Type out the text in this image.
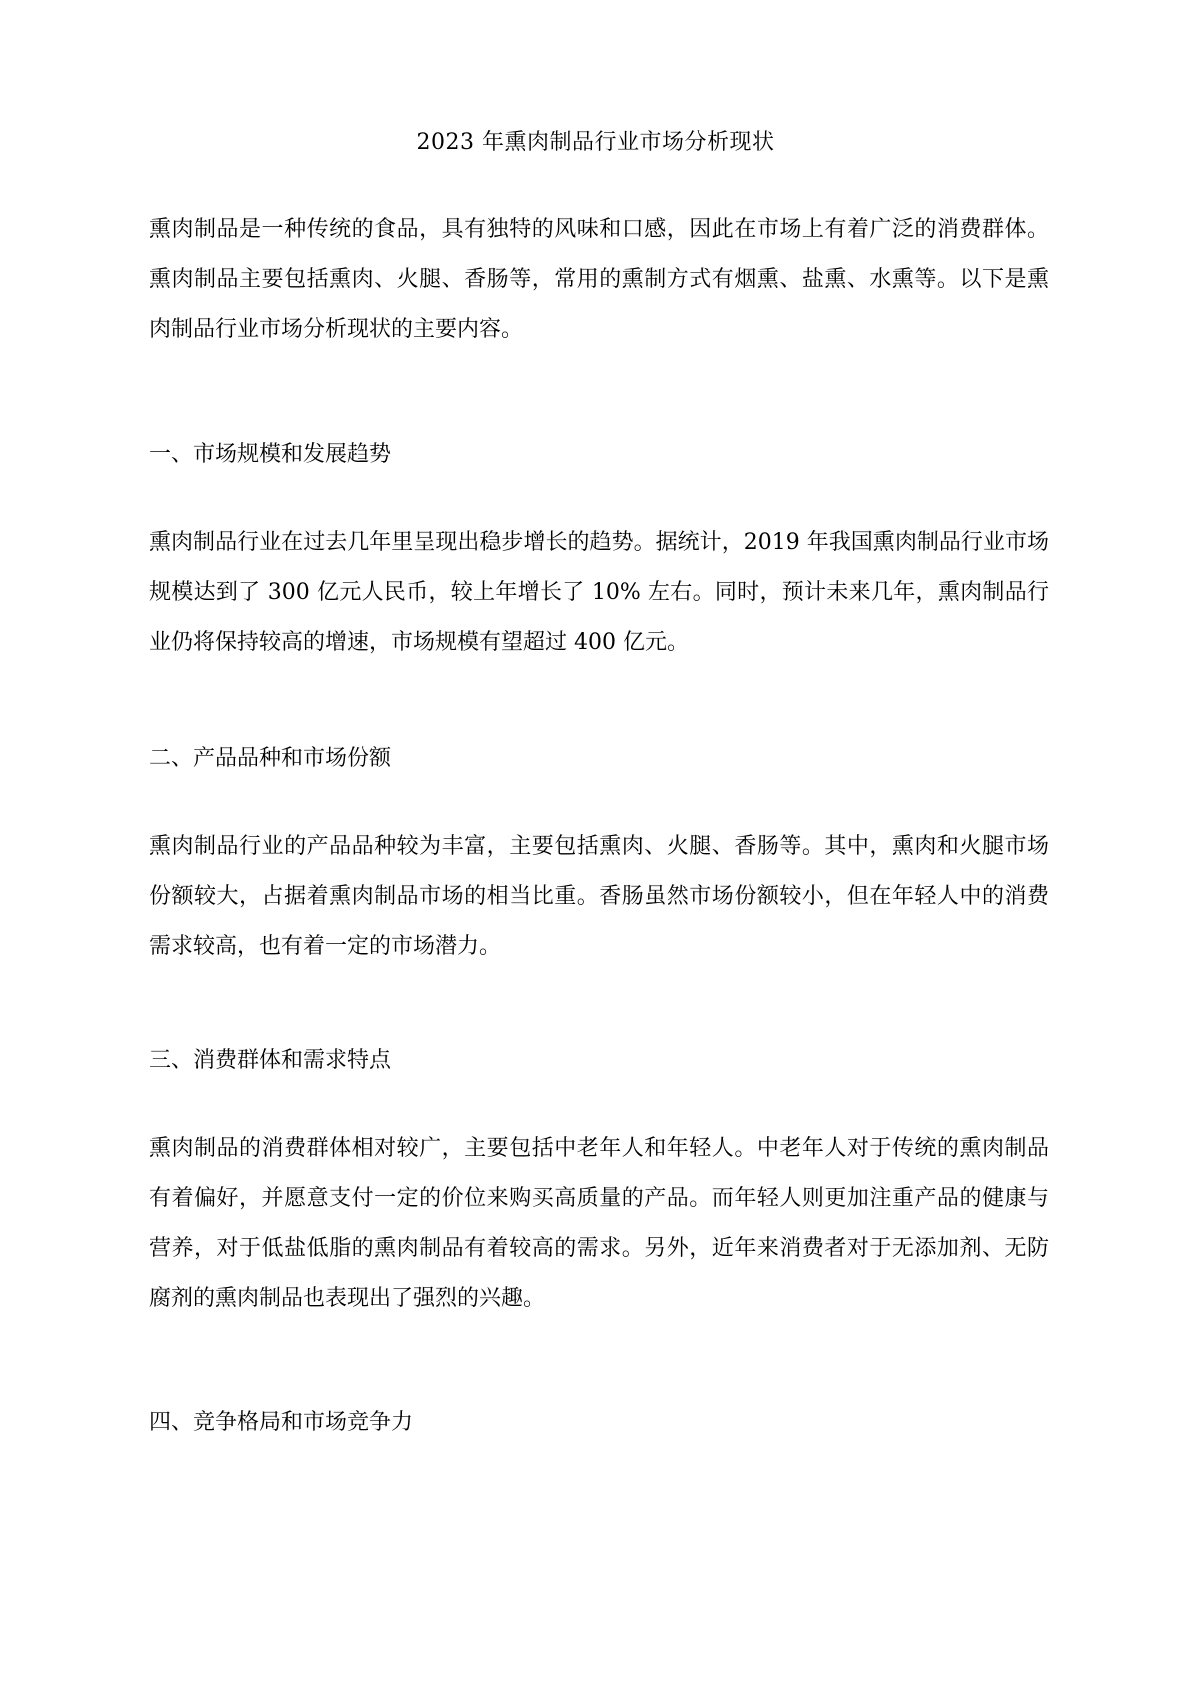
2023 年熏肉制品行业市场分析现状
熏肉制品是一种传统的食品，具有独特的风味和口感，因此在市场上有着广泛的消费群体。熏肉制品主要包括熏肉、火腿、香肠等，常用的熏制方式有烟熏、盐熏、水熏等。以下是熏肉制品行业市场分析现状的主要内容。
一、市场规模和发展趋势
熏肉制品行业在过去几年里呈现出稳步增长的趋势。据统计，2019 年我国熏肉制品行业市场规模达到了 300 亿元人民币，较上年增长了 10% 左右。同时，预计未来几年，熏肉制品行业仍将保持较高的增速，市场规模有望超过 400 亿元。
二、产品品种和市场份额
熏肉制品行业的产品品种较为丰富，主要包括熏肉、火腿、香肠等。其中，熏肉和火腿市场份额较大，占据着熏肉制品市场的相当比重。香肠虽然市场份额较小，但在年轻人中的消费需求较高，也有着一定的市场潜力。
三、消费群体和需求特点
熏肉制品的消费群体相对较广，主要包括中老年人和年轻人。中老年人对于传统的熏肉制品有着偏好，并愿意支付一定的价位来购买高质量的产品。而年轻人则更加注重产品的健康与营养，对于低盐低脂的熏肉制品有着较高的需求。另外，近年来消费者对于无添加剂、无防腐剂的熏肉制品也表现出了强烈的兴趣。
四、竞争格局和市场竞争力
